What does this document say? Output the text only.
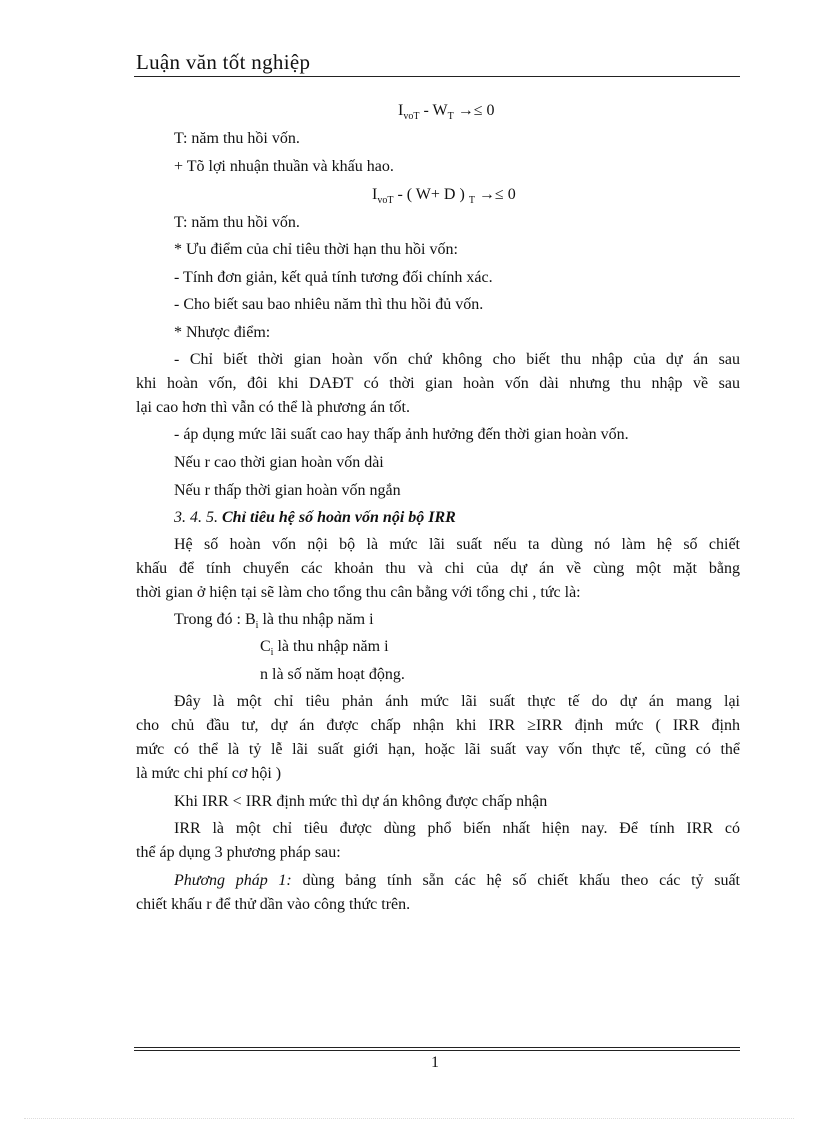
Luận văn tốt nghiệp
$I_{voT} - W_T \to\le 0$
T: năm thu hồi vốn.
+ Tõ lợi nhuận thuần và khấu hao.
$I_{voT}$ - ( W+ D ) $_T$ →≤ 0
T: năm thu hồi vốn.
* Ưu điểm của chỉ tiêu thời hạn thu hồi vốn:
- Tính đơn giản, kết quả tính tương đối chính xác.
- Cho biết sau bao nhiêu năm thì thu hồi đủ vốn.
* Nhược điểm:
- Chỉ biết thời gian hoàn vốn chứ không cho biết thu nhập của dự án sau
khi hoàn vốn, đôi khi DAĐT có thời gian hoàn vốn dài nhưng thu nhập về sau
lại cao hơn thì vẫn có thể là phương án tốt.
- áp dụng mức lãi suất cao hay thấp ảnh hưởng đến thời gian hoàn vốn.
Nếu r cao thời gian hoàn vốn dài
Nếu r thấp thời gian hoàn vốn ngắn
3. 4. 5. Chỉ tiêu hệ số hoàn vốn nội bộ IRR
Hệ số hoàn vốn nội bộ là mức lãi suất nếu ta dùng nó làm hệ số chiết
khấu để tính chuyển các khoản thu và chi của dự án về cùng một mặt bằng
thời gian ở hiện tại sẽ làm cho tổng thu cân bằng với tổng chi , tức là:
Trong đó : $B_i$ là thu nhập năm i
$C_i$ là thu nhập năm i
n là số năm hoạt động.
Đây là một chỉ tiêu phản ánh mức lãi suất thực tế do dự án mang lại
cho chủ đầu tư, dự án được chấp nhận khi IRR ≥IRR định mức ( IRR định
mức có thể là tỷ lễ lãi suất giới hạn, hoặc lãi suất vay vốn thực tế, cũng có thể
là mức chi phí cơ hội )
Khi IRR < IRR định mức thì dự án không được chấp nhận
IRR là một chỉ tiêu được dùng phổ biến nhất hiện nay. Để tính IRR có
thể áp dụng 3 phương pháp sau:
Phương pháp 1: dùng bảng tính sẵn các hệ số chiết khấu theo các tỷ suất
chiết khấu r để thử dần vào công thức trên.
1
